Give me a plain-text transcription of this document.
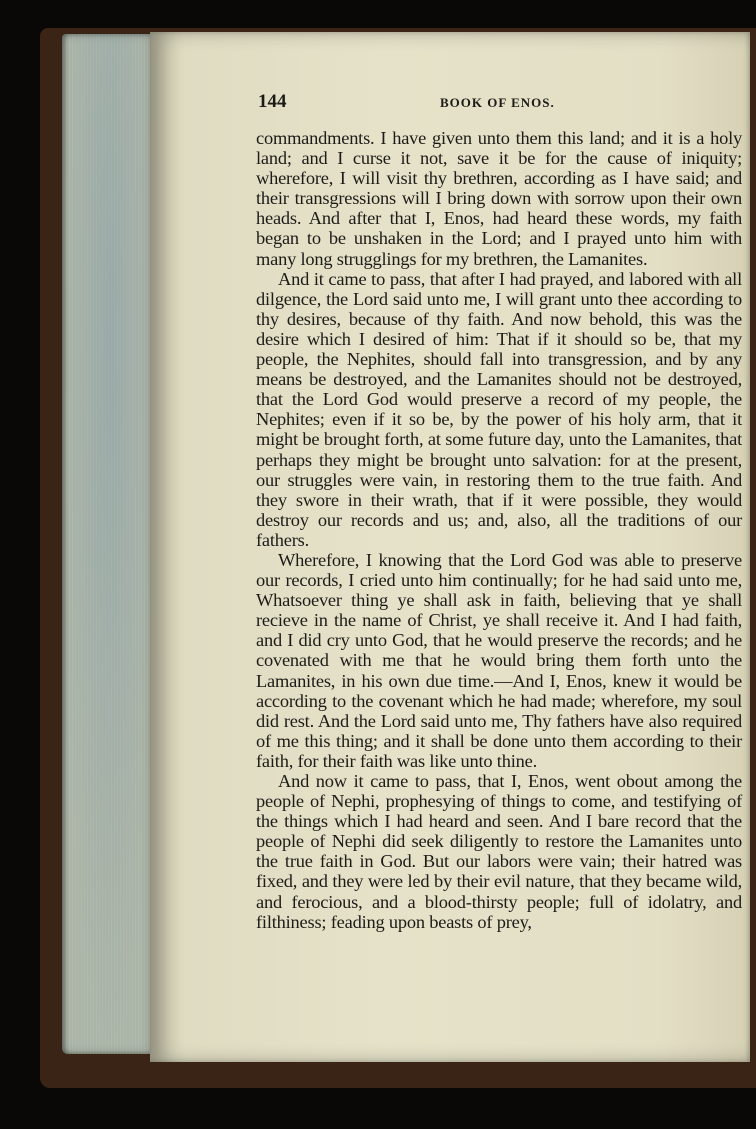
144	BOOK OF ENOS.

commandments. I have given unto them this land; and it is a holy land; and I curse it not, save it be for the cause of iniquity; wherefore, I will visit thy brethren, according as I have said; and their transgressions will I bring down with sorrow upon their own heads. And after that I, Enos, had heard these words, my faith began to be unshaken in the Lord; and I prayed unto him with many long strugglings for my brethren, the Lamanites.

And it came to pass, that after I had prayed, and labored with all dilgence, the Lord said unto me, I will grant unto thee according to thy desires, because of thy faith. And now behold, this was the desire which I desired of him: That if it should so be, that my people, the Nephites, should fall into transgression, and by any means be destroyed, and the Lamanites should not be destroyed, that the Lord God would preserve a record of my people, the Nephites; even if it so be, by the power of his holy arm, that it might be brought forth, at some future day, unto the Lamanites, that perhaps they might be brought unto salvation: for at the present, our struggles were vain, in restoring them to the true faith. And they swore in their wrath, that if it were possible, they would destroy our records and us; and, also, all the traditions of our fathers.

Wherefore, I knowing that the Lord God was able to preserve our records, I cried unto him continually; for he had said unto me, Whatsoever thing ye shall ask in faith, believing that ye shall recieve in the name of Christ, ye shall receive it. And I had faith, and I did cry unto God, that he would preserve the records; and he covenated with me that he would bring them forth unto the Lamanites, in his own due time.—And I, Enos, knew it would be according to the covenant which he had made; wherefore, my soul did rest. And the Lord said unto me, Thy fathers have also required of me this thing; and it shall be done unto them according to their faith, for their faith was like unto thine.

And now it came to pass, that I, Enos, went obout among the people of Nephi, prophesying of things to come, and testifying of the things which I had heard and seen. And I bare record that the people of Nephi did seek diligently to restore the Lamanites unto the true faith in God. But our labors were vain; their hatred was fixed, and they were led by their evil nature, that they became wild, and ferocious, and a blood-thirsty people; full of idolatry, and filthiness; feading upon beasts of prey,
